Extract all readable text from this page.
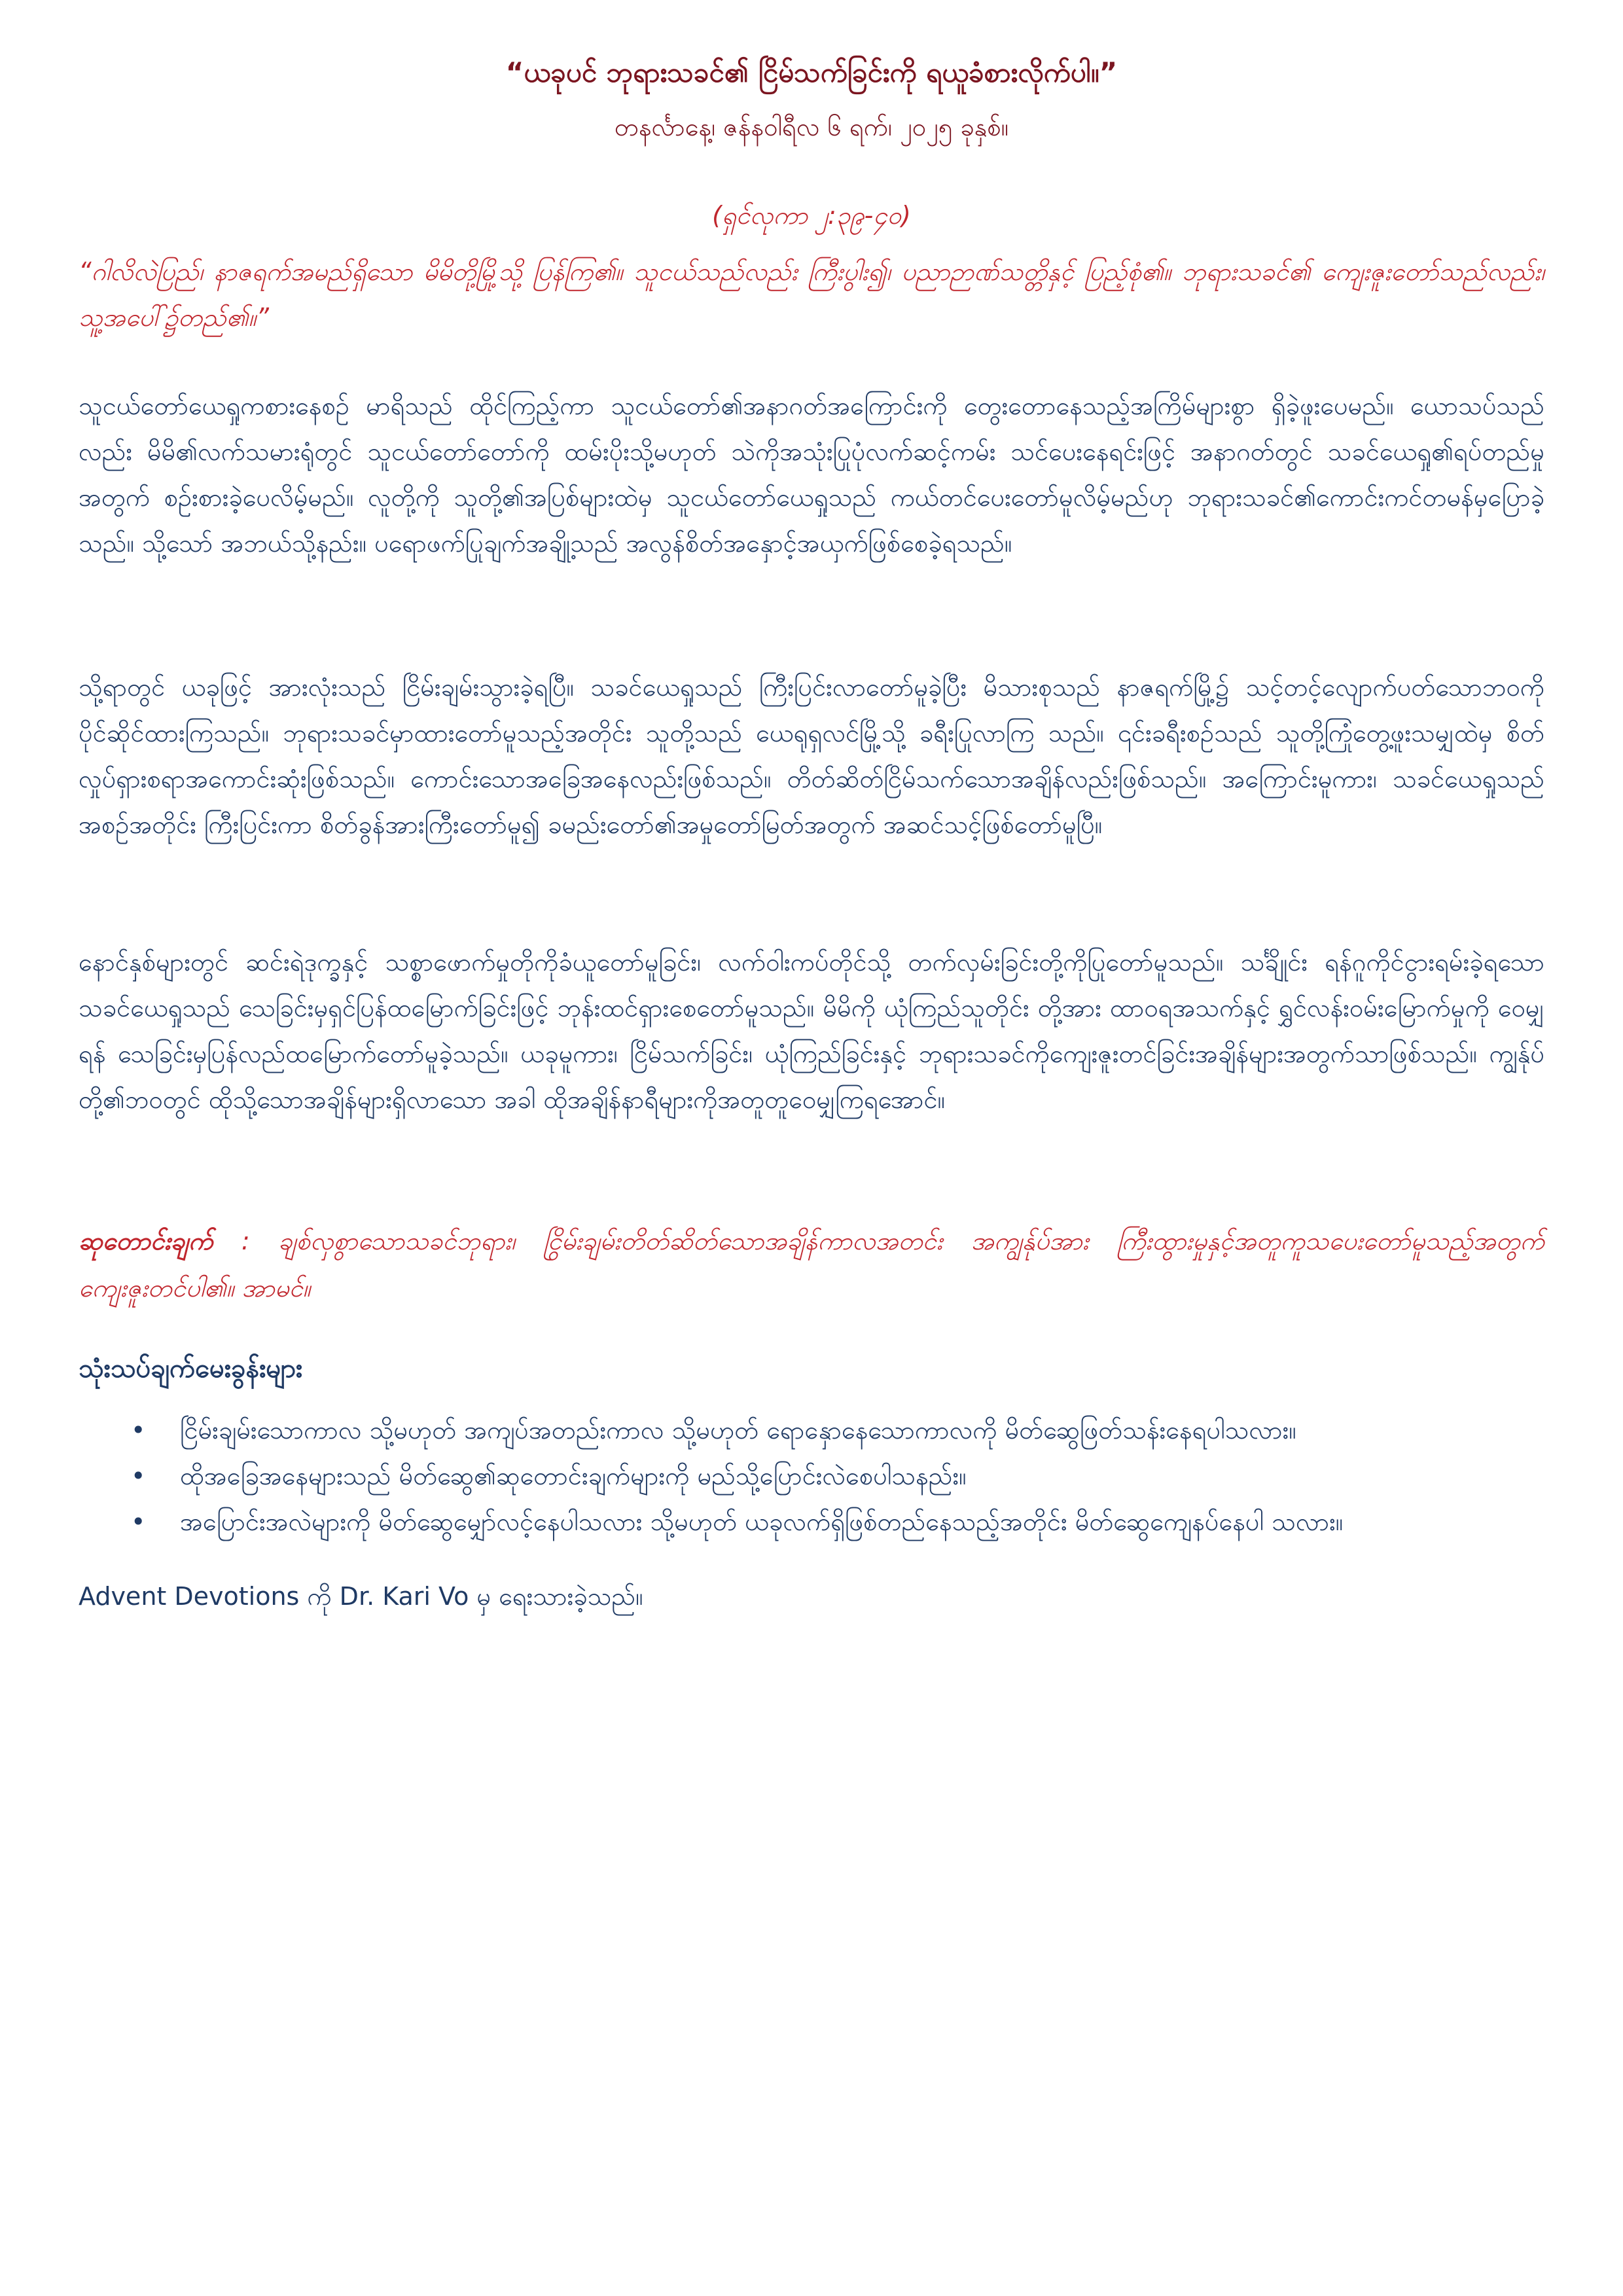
“ယခုပင် ဘုရားသခင်၏ ငြိမ်သက်ခြင်းကို ရယူခံစားလိုက်ပါ။”
တနင်္လာနေ့၊ ဇန်နဝါရီလ ၆ ရက်၊ ၂၀၂၅ ခုနှစ်။
(ရှင်လုကာ ၂:၃၉-၄၀)
“ဂါလိလဲပြည်၊ နာဇရက်အမည်ရှိသော မိမိတို့မြို့သို့ ပြန်ကြ၏။ သူငယ်သည်လည်း ကြီးပွါး၍၊ ပညာဉာဏ်သတ္တိနှင့် ပြည့်စုံ၏။ ဘုရားသခင်၏ ကျေးဇူးတော်သည်လည်း၊ သူ့အပေါ်၌တည်၏။”
သူငယ်တော်ယေရှုကစားနေစဉ် မာရိသည် ထိုင်ကြည့်ကာ သူငယ်တော်၏အနာဂတ်အကြောင်းကို တွေးတောနေသည့်အကြိမ်များစွာ ရှိခဲ့ဖူးပေမည်။ ယောသပ်သည်လည်း မိမိ၏လက်သမားရုံတွင် သူငယ်တော်တော်ကို ထမ်းပိုးသို့မဟုတ် သဲကိုအသုံးပြုပုံလက်ဆင့်ကမ်း သင်ပေးနေရင်းဖြင့် အနာဂတ်တွင် သခင်ယေရှု၏ရပ်တည်မှုအတွက် စဉ်းစားခဲ့ပေလိမ့်မည်။ လူတို့ကို သူတို့၏အပြစ်များထဲမှ သူငယ်တော်ယေရှုသည် ကယ်တင်ပေးတော်မူလိမ့်မည်ဟု ဘုရားသခင်၏ကောင်းကင်တမန်မှပြောခဲ့သည်။ သို့သော် အဘယ်သို့နည်း။ ပရောဖက်ပြုချက်အချို့သည် အလွန်စိတ်အနှောင့်အယှက်ဖြစ်စေခဲ့ရသည်။
သို့ရာတွင် ယခုဖြင့် အားလုံးသည် ငြိမ်းချမ်းသွားခဲ့ရပြီ။ သခင်ယေရှုသည် ကြီးပြင်းလာတော်မူခဲ့ပြီး မိသားစုသည် နာဇရက်မြို့၌ သင့်တင့်လျောက်ပတ်သောဘဝကို ပိုင်ဆိုင်ထားကြသည်။ ဘုရားသခင်မှာထားတော်မူသည့်အတိုင်း သူတို့သည် ယေရုရှလင်မြို့သို့ ခရီးပြုလာကြ သည်။ ၎င်းခရီးစဉ်သည် သူတို့ကြုံတွေ့ဖူးသမျှထဲမှ စိတ်လှုပ်ရှားစရာအကောင်းဆုံးဖြစ်သည်။ ကောင်းသောအခြေအနေလည်းဖြစ်သည်။ တိတ်ဆိတ်ငြိမ်သက်သောအချိန်လည်းဖြစ်သည်။ အကြောင်းမူကား၊ သခင်ယေရှုသည် အစဉ်အတိုင်း ကြီးပြင်းကာ စိတ်ခွန်အားကြီးတော်မူ၍ ခမည်းတော်၏အမှုတော်မြတ်အတွက် အဆင်သင့်ဖြစ်တော်မူပြီ။
နောင်နှစ်များတွင် ဆင်းရဲဒုက္ခနှင့် သစ္စာဖောက်မှုတိုကိုခံယူတော်မူခြင်း၊ လက်ဝါးကပ်တိုင်သို့ တက်လှမ်းခြင်းတို့ကိုပြုတော်မူသည်။ သင်္ချိုင်း ရန်ဂူကိုင်ငွားရမ်းခဲ့ရသော သခင်ယေရှုသည် သေခြင်းမှရှင်ပြန်ထမြောက်ခြင်းဖြင့် ဘုန်းထင်ရှားစေတော်မူသည်။ မိမိကို ယုံကြည်သူတိုင်း တို့အား ထာဝရအသက်နှင့် ရွှင်လန်းဝမ်းမြောက်မှုကို ဝေမျှရန် သေခြင်းမှပြန်လည်ထမြောက်တော်မူခဲ့သည်။ ယခုမူကား၊ ငြိမ်သက်ခြင်း၊ ယုံကြည်ခြင်းနှင့် ဘုရားသခင်ကိုကျေးဇူးတင်ခြင်းအချိန်များအတွက်သာဖြစ်သည်။ ကျွန်ုပ်တို့၏ဘဝတွင် ထိုသို့သောအချိန်များရှိလာသော အခါ ထိုအချိန်နာရီများကိုအတူတူဝေမျှကြရအောင်။
ဆုတောင်းချက် : ချစ်လှစွာသောသခင်ဘုရား၊ ငြိမ်းချမ်းတိတ်ဆိတ်သောအချိန်ကာလအတွင်း အကျွန်ုပ်အား ကြီးထွားမှုနှင့်အတူကူသပေးတော်မူသည့်အတွက် ကျေးဇူးတင်ပါ၏။ အာမင်။
သုံးသပ်ချက်မေးခွန်းများ
• ငြိမ်းချမ်းသောကာလ သို့မဟုတ် အကျပ်အတည်းကာလ သို့မဟုတ် ရောနှောနေသောကာလကို မိတ်ဆွေဖြတ်သန်းနေရပါသလား။
• ထိုအခြေအနေများသည် မိတ်ဆွေ၏ဆုတောင်းချက်များကို မည်သို့ပြောင်းလဲစေပါသနည်း။
• အပြောင်းအလဲများကို မိတ်ဆွေမျှော်လင့်နေပါသလား သို့မဟုတ် ယခုလက်ရှိဖြစ်တည်နေသည့်အတိုင်း မိတ်ဆွေကျေနပ်နေပါ သလား။
Advent Devotions ကို Dr. Kari Vo မှ ရေးသားခဲ့သည်။
